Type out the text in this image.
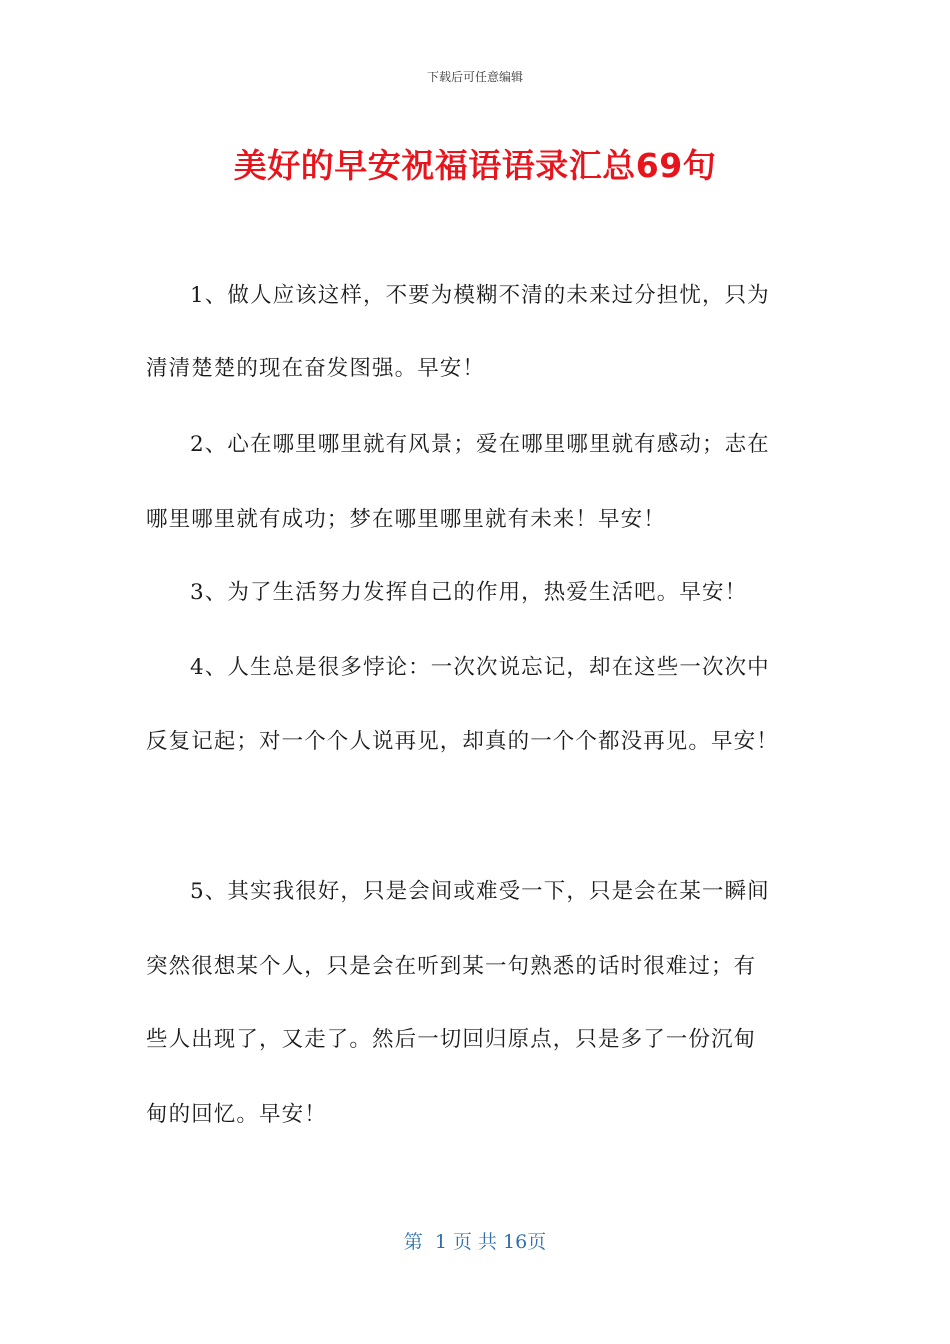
下载后可任意编辑
美好的早安祝福语语录汇总69句
1、做人应该这样，不要为模糊不清的未来过分担忧，只为
清清楚楚的现在奋发图强。早安！
2、心在哪里哪里就有风景；爱在哪里哪里就有感动；志在
哪里哪里就有成功；梦在哪里哪里就有未来！早安！
3、为了生活努力发挥自己的作用，热爱生活吧。早安！
4、人生总是很多悖论：一次次说忘记，却在这些一次次中
反复记起；对一个个人说再见，却真的一个个都没再见。早安！
5、其实我很好，只是会间或难受一下，只是会在某一瞬间
突然很想某个人，只是会在听到某一句熟悉的话时很难过；有
些人出现了，又走了。然后一切回归原点，只是多了一份沉甸
甸的回忆。早安！
第  1 页 共 16页
